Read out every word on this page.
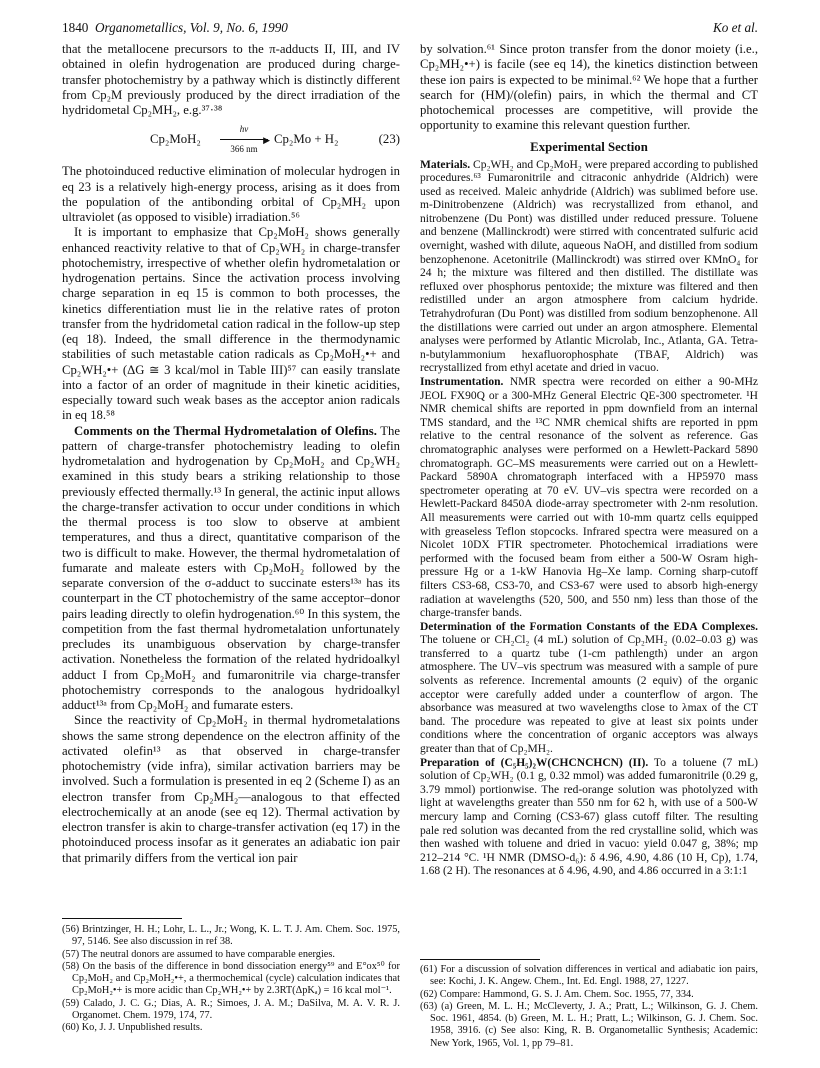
1840 Organometallics, Vol. 9, No. 6, 1990	Ko et al.

that the metallocene precursors to the π-adducts II, III, and IV obtained in olefin hydrogenation are produced during charge-transfer photochemistry by a pathway which is distinctly different from Cp₂M previously produced by the direct irradiation of the hydridometal Cp₂MH₂, e.g.³⁷·³⁸

Cp₂MoH₂
hν
▶
366 nm
Cp₂Mo + H₂	(23)

The photoinduced reductive elimination of molecular hydrogen in eq 23 is a relatively high-energy process, arising as it does from the population of the antibonding orbital of Cp₂MH₂ upon ultraviolet (as opposed to visible) irradiation.⁵⁶

It is important to emphasize that Cp₂MoH₂ shows generally enhanced reactivity relative to that of Cp₂WH₂ in charge-transfer photochemistry, irrespective of whether olefin hydrometalation or hydrogenation pertains. Since the activation process involving charge separation in eq 15 is common to both processes, the kinetics differentiation must lie in the relative rates of proton transfer from the hydridometal cation radical in the follow-up step (eq 18). Indeed, the small difference in the thermodynamic stabilities of such metastable cation radicals as Cp₂MoH₂•+ and Cp₂WH₂•+ (ΔG ≅ 3 kcal/mol in Table III)⁵⁷ can easily translate into a factor of an order of magnitude in their kinetic acidities, especially toward such weak bases as the acceptor anion radicals in eq 18.⁵⁸

Comments on the Thermal Hydrometalation of Olefins. The pattern of charge-transfer photochemistry leading to olefin hydrometalation and hydrogenation by Cp₂MoH₂ and Cp₂WH₂ examined in this study bears a striking relationship to those previously effected thermally.¹³ In general, the actinic input allows the charge-transfer activation to occur under conditions in which the thermal process is too slow to observe at ambient temperatures, and thus a direct, quantitative comparison of the two is difficult to make. However, the thermal hydrometalation of fumarate and maleate esters with Cp₂MoH₂ followed by the separate conversion of the σ-adduct to succinate esters¹³ᵃ has its counterpart in the CT photochemistry of the same acceptor–donor pairs leading directly to olefin hydrogenation.⁶⁰ In this system, the competition from the fast thermal hydrometalation unfortunately precludes its unambiguous observation by charge-transfer activation. Nonetheless the formation of the related hydridoalkyl adduct I from Cp₂MoH₂ and fumaronitrile via charge-transfer photochemistry corresponds to the analogous hydridoalkyl adduct¹³ᵃ from Cp₂MoH₂ and fumarate esters.

Since the reactivity of Cp₂MoH₂ in thermal hydrometalations shows the same strong dependence on the electron affinity of the activated olefin¹³ as that observed in charge-transfer photochemistry (vide infra), similar activation barriers may be involved. Such a formulation is presented in eq 2 (Scheme I) as an electron transfer from Cp₂MH₂—analogous to that effected electrochemically at an anode (see eq 12). Thermal activation by electron transfer is akin to charge-transfer activation (eq 17) in the photoinduced process insofar as it generates an adiabatic ion pair that primarily differs from the vertical ion pair

by solvation.⁶¹ Since proton transfer from the donor moiety (i.e., Cp₂MH₂•+) is facile (see eq 14), the kinetics distinction between these ion pairs is expected to be minimal.⁶² We hope that a further search for (HM)/(olefin) pairs, in which the thermal and CT photochemical processes are competitive, will provide the opportunity to examine this relevant question further.

Experimental Section

Materials. Cp₂WH₂ and Cp₂MoH₂ were prepared according to published procedures.⁶³ Fumaronitrile and citraconic anhydride (Aldrich) were used as received. Maleic anhydride (Aldrich) was sublimed before use. m-Dinitrobenzene (Aldrich) was recrystallized from ethanol, and nitrobenzene (Du Pont) was distilled under reduced pressure. Toluene and benzene (Mallinckrodt) were stirred with concentrated sulfuric acid overnight, washed with dilute, aqueous NaOH, and distilled from sodium benzophenone. Acetonitrile (Mallinckrodt) was stirred over KMnO₄ for 24 h; the mixture was filtered and then distilled. The distillate was refluxed over phosphorus pentoxide; the mixture was filtered and then redistilled under an argon atmosphere from calcium hydride. Tetrahydrofuran (Du Pont) was distilled from sodium benzophenone. All the distillations were carried out under an argon atmosphere. Elemental analyses were performed by Atlantic Microlab, Inc., Atlanta, GA. Tetra-n-butylammonium hexafluorophosphate (TBAF, Aldrich) was recrystallized from ethyl acetate and dried in vacuo.

Instrumentation. NMR spectra were recorded on either a 90-MHz JEOL FX90Q or a 300-MHz General Electric QE-300 spectrometer. ¹H NMR chemical shifts are reported in ppm downfield from an internal TMS standard, and the ¹³C NMR chemical shifts are reported in ppm relative to the central resonance of the solvent as reference. Gas chromatographic analyses were performed on a Hewlett-Packard 5890 chromatograph. GC–MS measurements were carried out on a Hewlett-Packard 5890A chromatograph interfaced with a HP5970 mass spectrometer operating at 70 eV. UV–vis spectra were recorded on a Hewlett-Packard 8450A diode-array spectrometer with 2-nm resolution. All measurements were carried out with 10-mm quartz cells equipped with greaseless Teflon stopcocks. Infrared spectra were measured on a Nicolet 10DX FTIR spectrometer. Photochemical irradiations were performed with the focused beam from either a 500-W Osram high-pressure Hg or a 1-kW Hanovia Hg–Xe lamp. Corning sharp-cutoff filters CS3-68, CS3-70, and CS3-67 were used to absorb high-energy radiation at wavelengths (520, 500, and 550 nm) less than those of the charge-transfer bands.

Determination of the Formation Constants of the EDA Complexes. The toluene or CH₂Cl₂ (4 mL) solution of Cp₂MH₂ (0.02–0.03 g) was transferred to a quartz tube (1-cm pathlength) under an argon atmosphere. The UV–vis spectrum was measured with a sample of pure solvents as reference. Incremental amounts (2 equiv) of the organic acceptor were carefully added under a counterflow of argon. The absorbance was measured at two wavelengths close to λmax of the CT band. The procedure was repeated to give at least six points under conditions where the concentration of organic acceptors was always greater than that of Cp₂MH₂.

Preparation of (C₅H₅)₂W(CHCNCHCN) (II). To a toluene (7 mL) solution of Cp₂WH₂ (0.1 g, 0.32 mmol) was added fumaronitrile (0.29 g, 3.79 mmol) portionwise. The red-orange solution was photolyzed with light at wavelengths greater than 550 nm for 62 h, with use of a 500-W mercury lamp and Corning (CS3-67) glass cutoff filter. The resulting pale red solution was decanted from the red crystalline solid, which was then washed with toluene and dried in vacuo: yield 0.047 g, 38%; mp 212–214 °C. ¹H NMR (DMSO-d₆): δ 4.96, 4.90, 4.86 (10 H, Cp), 1.74, 1.68 (2 H). The resonances at δ 4.96, 4.90, and 4.86 occurred in a 3:1:1

(56) Brintzinger, H. H.; Lohr, L. L., Jr.; Wong, K. L. T. J. Am. Chem. Soc. 1975, 97, 5146. See also discussion in ref 38.

(57) The neutral donors are assumed to have comparable energies.

(58) On the basis of the difference in bond dissociation energy⁵⁹ and E°ox⁵⁰ for Cp₂MoH₂ and Cp₂MoH₂•+, a thermochemical (cycle) calculation indicates that Cp₂MoH₂•+ is more acidic than Cp₂WH₂•+ by 2.3RT(ΔpKₐ) = 16 kcal mol⁻¹.

(59) Calado, J. C. G.; Dias, A. R.; Simoes, J. A. M.; DaSilva, M. A. V. R. J. Organomet. Chem. 1979, 174, 77.

(60) Ko, J. J. Unpublished results.

(61) For a discussion of solvation differences in vertical and adiabatic ion pairs, see: Kochi, J. K. Angew. Chem., Int. Ed. Engl. 1988, 27, 1227.

(62) Compare: Hammond, G. S. J. Am. Chem. Soc. 1955, 77, 334.

(63) (a) Green, M. L. H.; McCleverty, J. A.; Pratt, L.; Wilkinson, G. J. Chem. Soc. 1961, 4854. (b) Green, M. L. H.; Pratt, L.; Wilkinson, G. J. Chem. Soc. 1958, 3916. (c) See also: King, R. B. Organometallic Synthesis; Academic: New York, 1965, Vol. 1, pp 79–81.
